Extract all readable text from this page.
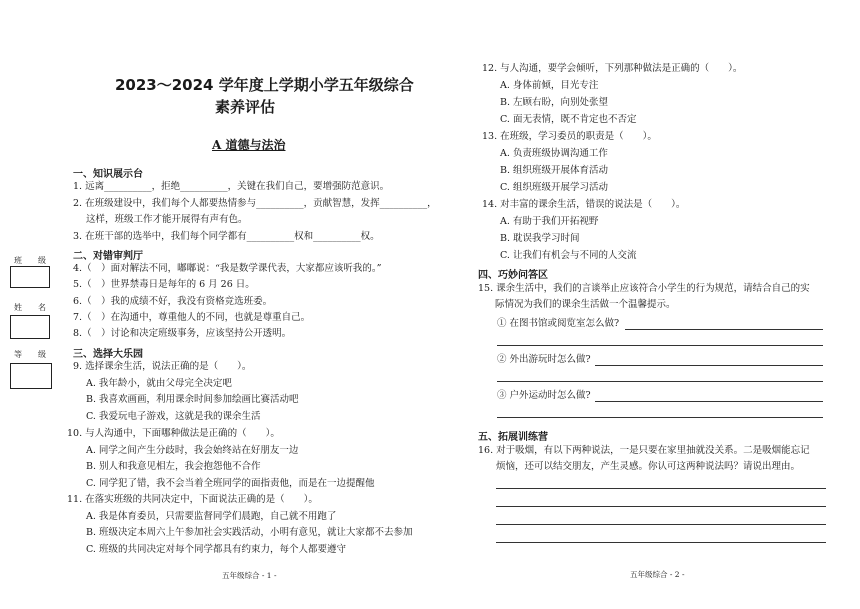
2023～2024 学年度上学期小学五年级综合
素养评估
A 道德与法治
班　　级
姓　　名
等　　级
一、知识展示台
1. 远离__________，拒绝__________，关键在我们自己，要增强防范意识。
2. 在班级建设中，我们每个人都要热情参与__________，贡献智慧，发挥__________，
这样，班级工作才能开展得有声有色。
3. 在班干部的选举中，我们每个同学都有__________权和__________权。
二、对错审判厅
4.（　）面对解法不同，嘟嘟说：“我是数学课代表，大家都应该听我的。”
5.（　）世界禁毒日是每年的 6 月 26 日。
6.（　）我的成绩不好，我没有资格竞选班委。
7.（　）在沟通中，尊重他人的不同，也就是尊重自己。
8.（　）讨论和决定班级事务，应该坚持公开透明。
三、选择大乐园
9. 选择课余生活，说法正确的是（　　）。
A. 我年龄小，就由父母完全决定吧
B. 我喜欢画画，利用课余时间参加绘画比赛活动吧
C. 我爱玩电子游戏，这就是我的课余生活
10. 与人沟通中，下面哪种做法是正确的（　　）。
A. 同学之间产生分歧时，我会始终站在好朋友一边
B. 别人和我意见相左，我会抱怨他不合作
C. 同学犯了错，我不会当着全班同学的面指责他，而是在一边提醒他
11. 在落实班级的共同决定中，下面说法正确的是（　　）。
A. 我是体育委员，只需要监督同学们晨跑，自己就不用跑了
B. 班级决定本周六上午参加社会实践活动，小明有意见，就让大家都不去参加
C. 班级的共同决定对每个同学都具有约束力，每个人都要遵守
五年级综合 - 1 -
12. 与人沟通，要学会倾听，下列那种做法是正确的（　　）。
A. 身体前倾，目光专注
B. 左顾右盼，向别处张望
C. 面无表情，既不肯定也不否定
13. 在班级，学习委员的职责是（　　）。
A. 负责班级协调沟通工作
B. 组织班级开展体育活动
C. 组织班级开展学习活动
14. 对丰富的课余生活，错误的说法是（　　）。
A. 有助于我们开拓视野
B. 耽误我学习时间
C. 让我们有机会与不同的人交流
四、巧妙问答区
15. 课余生活中，我们的言谈举止应该符合小学生的行为规范，请结合自己的实
际情况为我们的课余生活做一个温馨提示。
① 在图书馆或阅览室怎么做?
② 外出游玩时怎么做?
③ 户外运动时怎么做?
五、拓展训练营
16. 对于吸烟，有以下两种说法，一是只要在家里抽就没关系。二是吸烟能忘记
烦恼，还可以结交朋友，产生灵感。你认可这两种说法吗？请说出理由。
五年级综合 - 2 -
